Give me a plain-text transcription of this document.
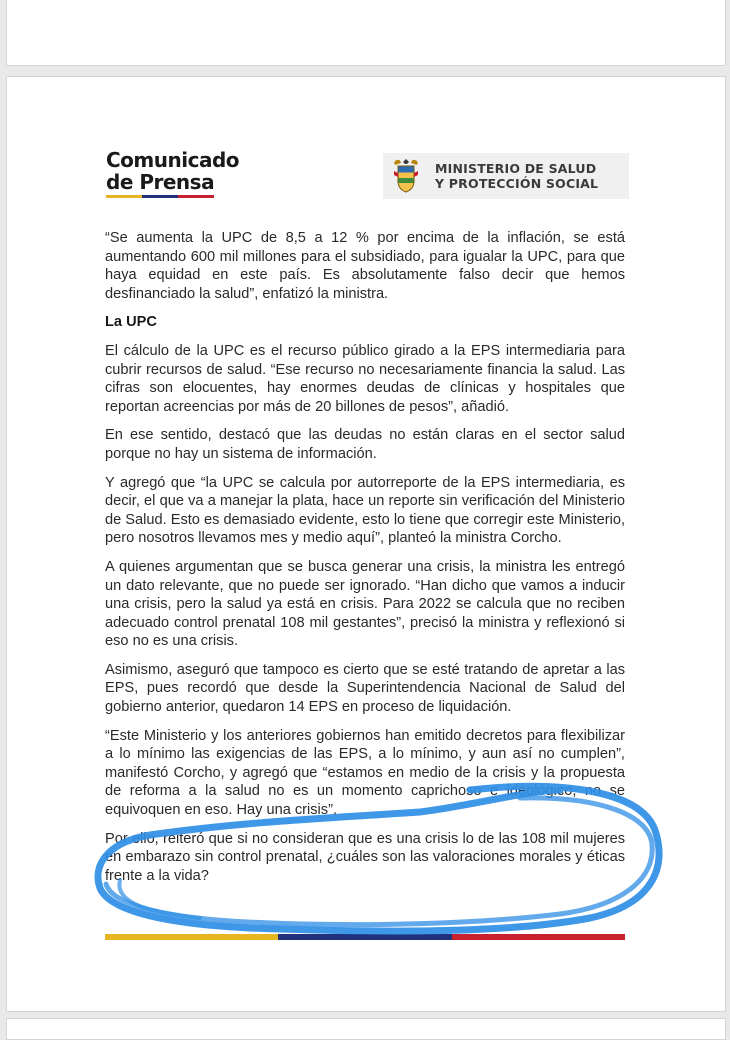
Comunicado
de Prensa
MINISTERIO DE SALUD
Y PROTECCIÓN SOCIAL

“Se aumenta la UPC de 8,5 a 12 % por encima de la inflación, se está aumentando 600 mil millones para el subsidiado, para igualar la UPC, para que haya equidad en este país. Es absolutamente falso decir que hemos desfinanciado la salud”, enfatizó la ministra.

La UPC

El cálculo de la UPC es el recurso público girado a la EPS intermediaria para cubrir recursos de salud. “Ese recurso no necesariamente financia la salud. Las cifras son elocuentes, hay enormes deudas de clínicas y hospitales que reportan acreencias por más de 20 billones de pesos”, añadió.

En ese sentido, destacó que las deudas no están claras en el sector salud porque no hay un sistema de información.

Y agregó que “la UPC se calcula por autorreporte de la EPS intermediaria, es decir, el que va a manejar la plata, hace un reporte sin verificación del Ministerio de Salud. Esto es demasiado evidente, esto lo tiene que corregir este Ministerio, pero nosotros llevamos mes y medio aquí”, planteó la ministra Corcho.

A quienes argumentan que se busca generar una crisis, la ministra les entregó un dato relevante, que no puede ser ignorado. “Han dicho que vamos a inducir una crisis, pero la salud ya está en crisis. Para 2022 se calcula que no reciben adecuado control prenatal 108 mil gestantes”, precisó la ministra y reflexionó si eso no es una crisis.

Asimismo, aseguró que tampoco es cierto que se esté tratando de apretar a las EPS, pues recordó que desde la Superintendencia Nacional de Salud del gobierno anterior, quedaron 14 EPS en proceso de liquidación.

“Este Ministerio y los anteriores gobiernos han emitido decretos para flexibilizar a lo mínimo las exigencias de las EPS, a lo mínimo, y aun así no cumplen”, manifestó Corcho, y agregó que “estamos en medio de la crisis y la propuesta de reforma a la salud no es un momento caprichoso e ideológico, no se equivoquen en eso. Hay una crisis”.

Por ello, reiteró que si no consideran que es una crisis lo de las 108 mil mujeres en embarazo sin control prenatal, ¿cuáles son las valoraciones morales y éticas frente a la vida?
